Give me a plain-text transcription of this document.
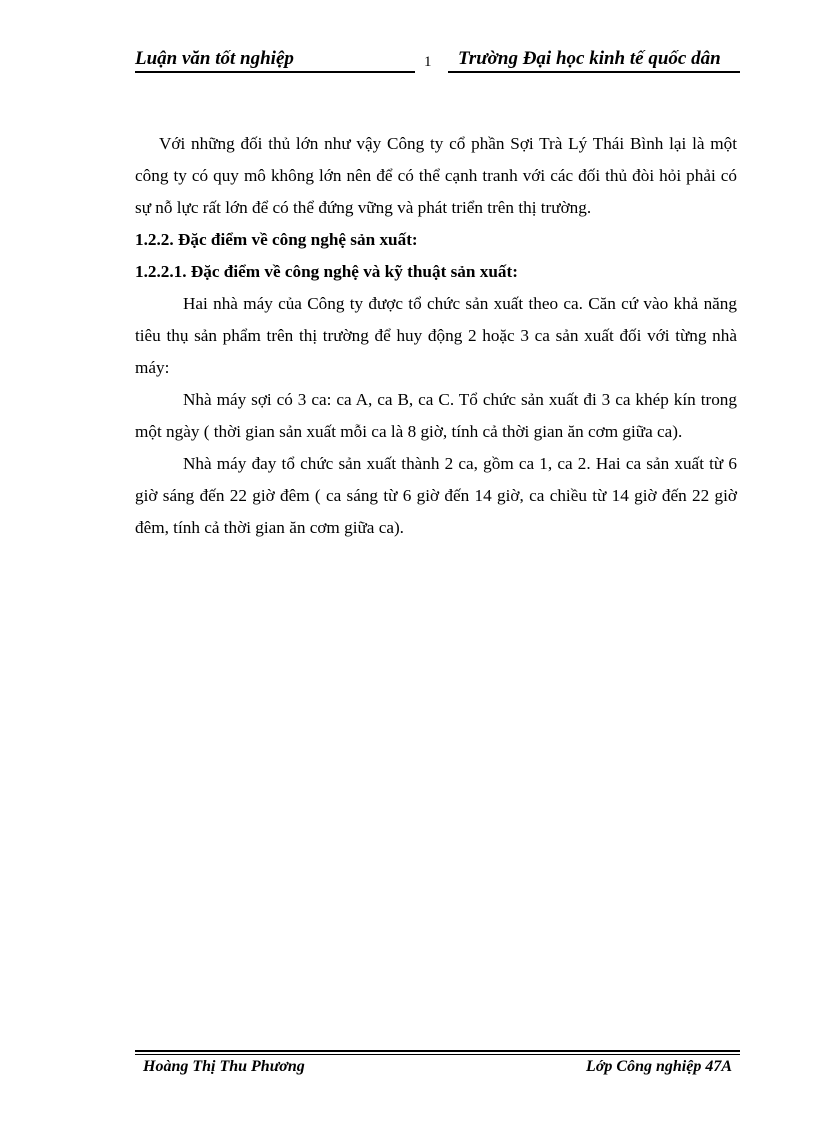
Luận văn tốt nghiệp	1 Trường Đại học kinh tế quốc dân

Với những đối thủ lớn như vậy Công ty cổ phần Sợi Trà Lý Thái Bình lại là một công ty có quy mô không lớn nên để có thể cạnh tranh với các đối thủ đòi hỏi phải có sự nỗ lực rất lớn để có thể đứng vững và phát triển trên thị trường.

1.2.2. Đặc điểm về công nghệ sản xuất:

1.2.2.1. Đặc điểm về công nghệ và kỹ thuật sản xuất:

Hai nhà máy của Công ty được tổ chức sản xuất theo ca. Căn cứ vào khả năng tiêu thụ sản phẩm trên thị trường để huy động 2 hoặc 3 ca sản xuất đối với từng nhà máy:

Nhà máy sợi có 3 ca: ca A, ca B, ca C. Tổ chức sản xuất đi 3 ca khép kín trong một ngày ( thời gian sản xuất mỗi ca là 8 giờ, tính cả thời gian ăn cơm giữa ca).

Nhà máy đay tổ chức sản xuất thành 2 ca, gồm ca 1, ca 2. Hai ca sản xuất từ 6 giờ sáng đến 22 giờ đêm ( ca sáng từ 6 giờ đến 14 giờ, ca chiều từ 14 giờ đến 22 giờ đêm, tính cả thời gian ăn cơm giữa ca).

Hoàng Thị Thu Phương	Lớp Công nghiệp 47A
